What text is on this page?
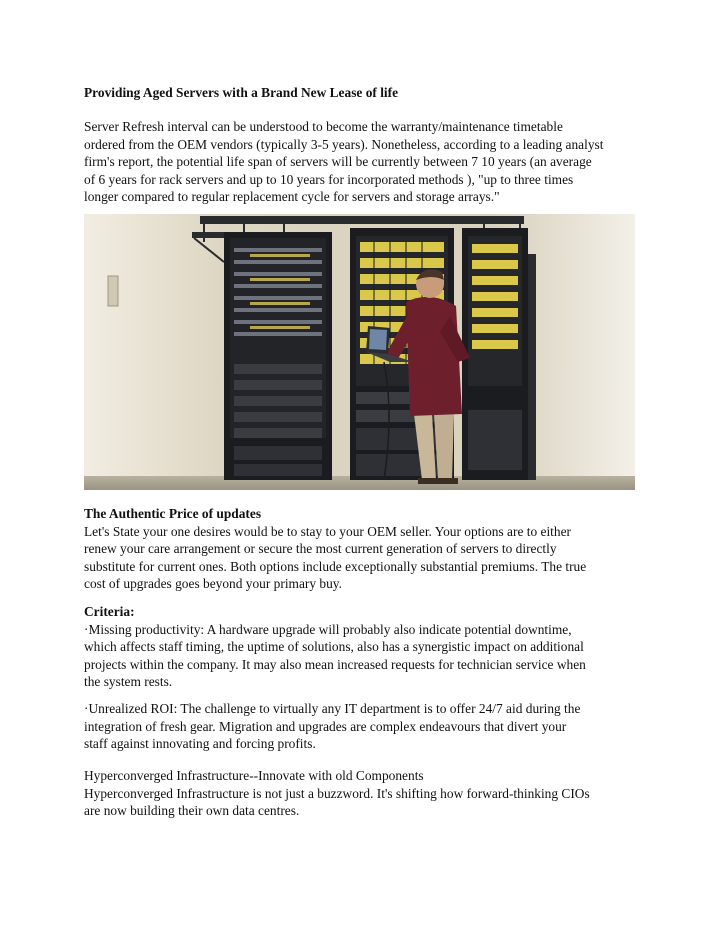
Providing Aged Servers with a Brand New Lease of life
Server Refresh interval can be understood to become the warranty/maintenance timetable
ordered from the OEM vendors (typically 3-5 years). Nonetheless, according to a leading analyst
firm's report, the potential life span of servers will be currently between 7 10 years (an average
of 6 years for rack servers and up to 10 years for incorporated methods ), "up to three times
longer compared to regular replacement cycle for servers and storage arrays."
The Authentic Price of updates
Let's State your one desires would be to stay to your OEM seller. Your options are to either
renew your care arrangement or secure the most current generation of servers to directly
substitute for current ones. Both options include exceptionally substantial premiums. The true
cost of upgrades goes beyond your primary buy.
Criteria:
·Missing productivity: A hardware upgrade will probably also indicate potential downtime,
which affects staff timing, the uptime of solutions, also has a synergistic impact on additional
projects within the company. It may also mean increased requests for technician service when
the system rests.
·Unrealized ROI: The challenge to virtually any IT department is to offer 24/7 aid during the
integration of fresh gear. Migration and upgrades are complex endeavours that divert your
staff against innovating and forcing profits.
Hyperconverged Infrastructure--Innovate with old Components
Hyperconverged Infrastructure is not just a buzzword. It's shifting how forward-thinking CIOs
are now building their own data centres.
